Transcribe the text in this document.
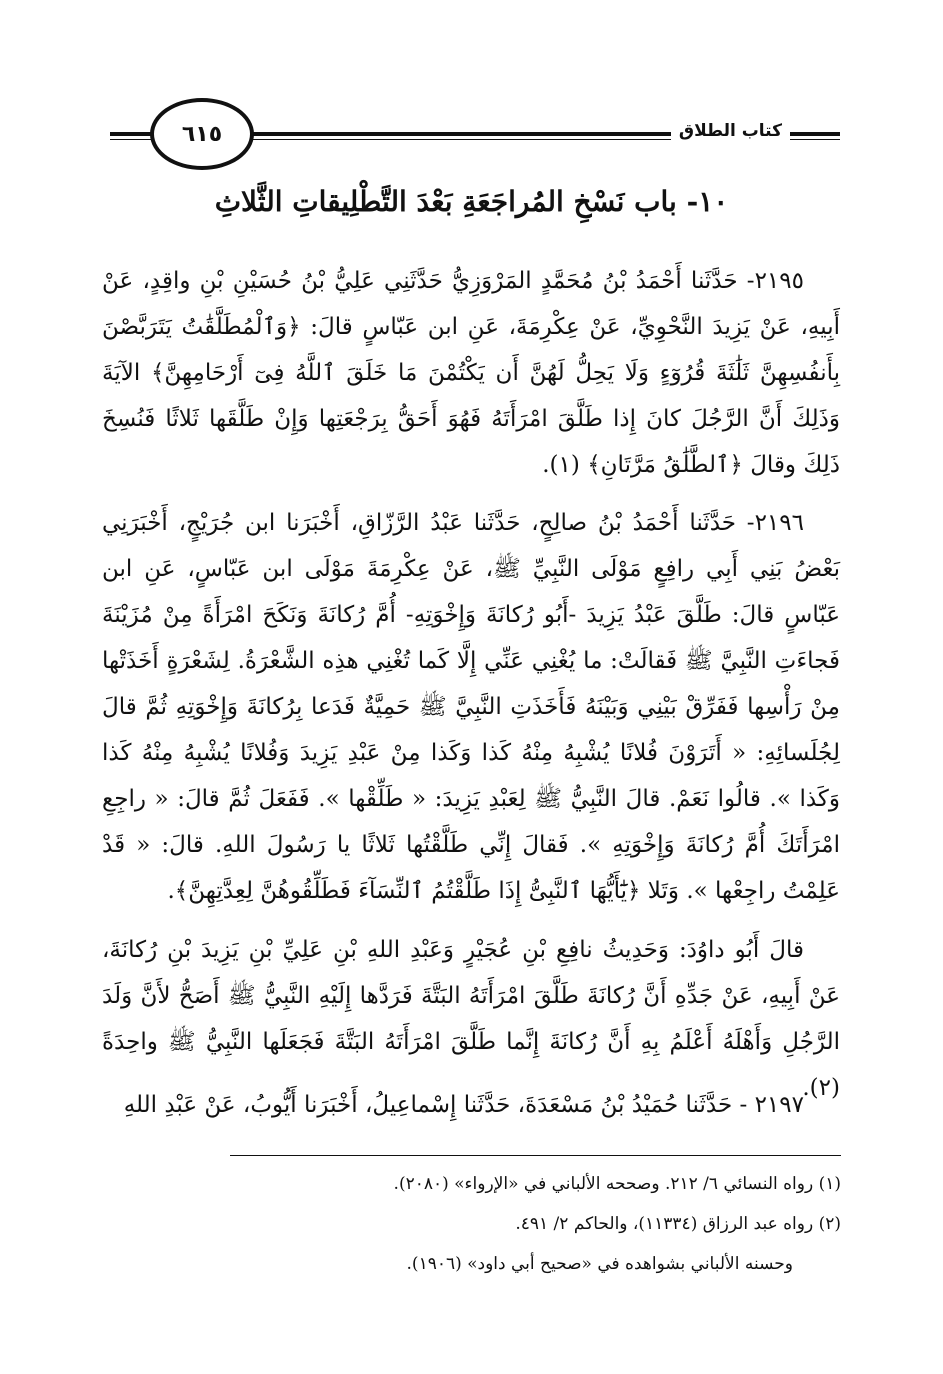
٦١٥	كتاب الطلاق
١٠- باب نَسْخِ المُراجَعَةِ بَعْدَ التَّطْلِيقاتِ الثَّلاثِ

٢١٩٥- حَدَّثَنا أَحْمَدُ بْنُ مُحَمَّدٍ المَرْوَزِيُّ حَدَّثَنِي عَلِيُّ بْنُ حُسَيْنِ بْنِ واقِدٍ، عَنْ أَبِيهِ، عَنْ يَزِيدَ النَّحْوِيِّ، عَنْ عِكْرِمَةَ، عَنِ ابن عَبّاسٍ قالَ: ﴿وَٱلْمُطَلَّقَٰتُ يَتَرَبَّصْنَ بِأَنفُسِهِنَّ ثَلَٰثَةَ قُرُوٓءٍ وَلَا يَحِلُّ لَهُنَّ أَن يَكْتُمْنَ مَا خَلَقَ ٱللَّهُ فِىٓ أَرْحَامِهِنَّ﴾ الآيَةَ وَذَلِكَ أَنَّ الرَّجُلَ كانَ إِذا طَلَّقَ امْرَأَتَهُ فَهُوَ أَحَقُّ بِرَجْعَتِها وَإِنْ طَلَّقَها ثَلاثًا فَنُسِخَ ذَلِكَ وقالَ ﴿ٱلطَّلَٰقُ مَرَّتَانِ﴾ (١).

٢١٩٦- حَدَّثَنا أَحْمَدُ بْنُ صالِحٍ، حَدَّثَنا عَبْدُ الرَّزّاقِ، أَخْبَرَنا ابن جُرَيْجٍ، أَخْبَرَنِي بَعْضُ بَنِي أَبِي رافِعٍ مَوْلَى النَّبِيِّ ﷺ، عَنْ عِكْرِمَةَ مَوْلَى ابن عَبّاسٍ، عَنِ ابن عَبّاسٍ قالَ: طَلَّقَ عَبْدُ يَزِيدَ -أَبُو رُكانَةَ وَإِخْوَتِهِ- أُمَّ رُكانَةَ وَنَكَحَ امْرَأَةً مِنْ مُزَيْنَةَ فَجاءَتِ النَّبِيَّ ﷺ فَقالَتْ: ما يُغْنِي عَنِّي إِلَّا كَما تُغْنِي هذِه الشَّعْرَةُ. لِشَعْرَةٍ أَخَذَتْها مِنْ رَأْسِها فَفَرِّقْ بَيْنِي وَبَيْنَهُ فَأَخَذَتِ النَّبِيَّ ﷺ حَمِيَّةٌ فَدَعا بِرُكانَةَ وَإِخْوَتِهِ ثُمَّ قالَ لِجُلَسائِهِ: « أَتَرَوْنَ فُلانًا يُشْبِهُ مِنْهُ كَذا وَكَذا مِنْ عَبْدِ يَزِيدَ وَفُلانًا يُشْبِهُ مِنْهُ كَذا وَكَذا ». قالُوا نَعَمْ. قالَ النَّبِيُّ ﷺ لِعَبْدِ يَزِيدَ: « طَلِّقْها ». فَفَعَلَ ثُمَّ قالَ: « راجِعِ امْرَأَتَكَ أُمَّ رُكانَةَ وَإِخْوَتِهِ ». فَقالَ إِنِّي طَلَّقْتُها ثَلاثًا يا رَسُولَ اللهِ. قالَ: « قَدْ عَلِمْتُ راجِعْها ». وَتَلا ﴿يَٰٓأَيُّهَا ٱلنَّبِىُّ إِذَا طَلَّقْتُمُ ٱلنِّسَآءَ فَطَلِّقُوهُنَّ لِعِدَّتِهِنَّ﴾.

قالَ أَبُو داوُدَ: وَحَدِيثُ نافِعِ بْنِ عُجَيْرٍ وَعَبْدِ اللهِ بْنِ عَلِيِّ بْنِ يَزِيدَ بْنِ رُكانَةَ، عَنْ أَبِيهِ، عَنْ جَدِّهِ أَنَّ رُكانَةَ طَلَّقَ امْرَأَتَهُ البَتَّةَ فَرَدَّها إِلَيْهِ النَّبِيُّ ﷺ أَصَحُّ لأَنَّ وَلَدَ الرَّجُلِ وَأَهْلَهُ أَعْلَمُ بِهِ أَنَّ رُكانَةَ إِنَّما طَلَّقَ امْرَأَتَهُ البَتَّةَ فَجَعَلَها النَّبِيُّ ﷺ واحِدَةً (٢).

٢١٩٧ - حَدَّثَنا حُمَيْدُ بْنُ مَسْعَدَةَ، حَدَّثَنا إِسْماعِيلُ، أَخْبَرَنا أَيُّوبُ، عَنْ عَبْدِ اللهِ

(١) رواه النسائي ٦/ ٢١٢. وصححه الألباني في «الإرواء» (٢٠٨٠).
(٢) رواه عبد الرزاق (١١٣٣٤)، والحاكم ٢/ ٤٩١.
وحسنه الألباني بشواهده في «صحيح أبي داود» (١٩٠٦).
